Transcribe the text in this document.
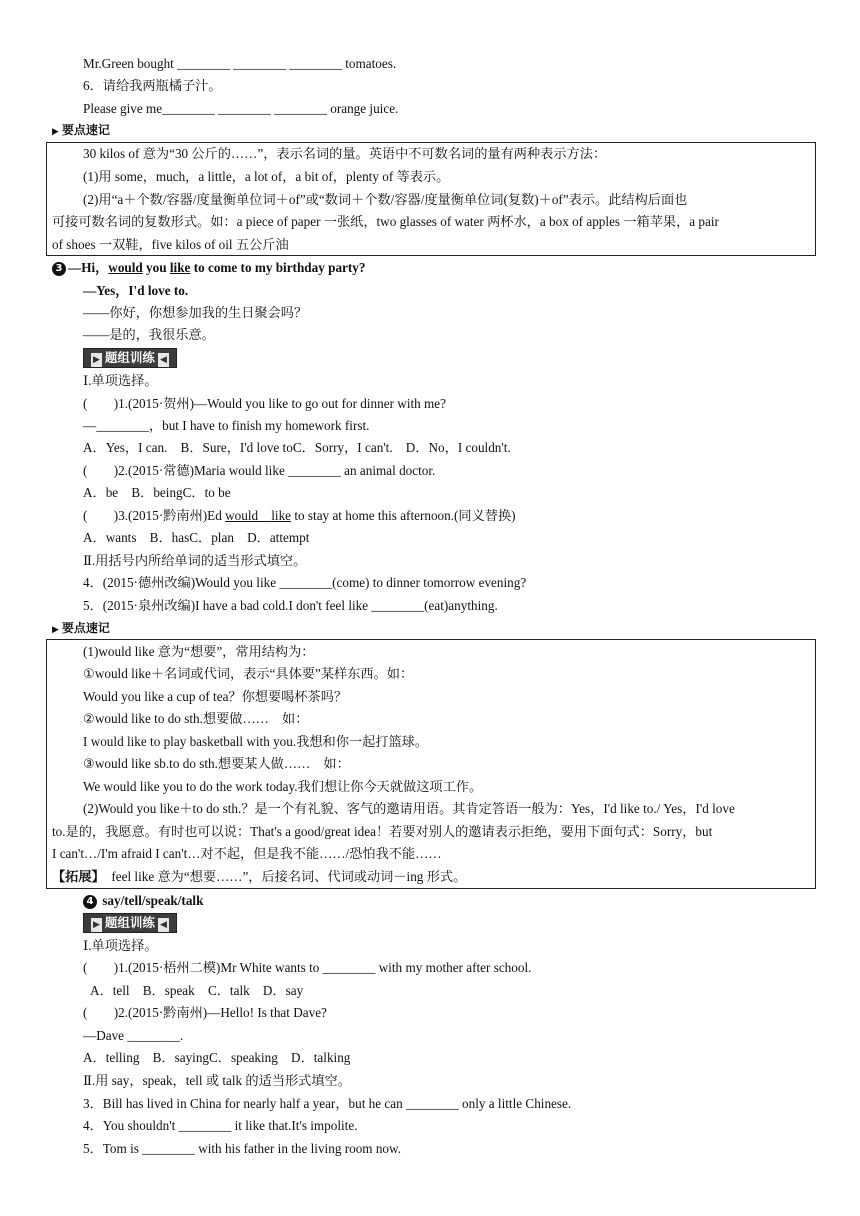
Mr.Green bought ________ ________ ________ tomatoes.
6．请给我两瓶橘子汁。
Please give me________ ________ ________ orange juice.
▶ 要点速记
30 kilos of 意为“30 公斤的……”，表示名词的量。英语中不可数名词的量有两种表示方法：
(1)用 some，much，a little，a lot of，a bit of，plenty of 等表示。
(2)用“a＋个数/容器/度量衡单位词＋of”或“数词＋个数/容器/度量衡单位词(复数)＋of”表示。此结构后面也
可接可数名词的复数形式。如：a piece of paper 一张纸，two glasses of water 两杯水，a box of apples 一箱苹果，a pair
of shoes 一双鞋，five kilos of oil 五公斤油
3 —Hi，would you like to come to my birthday party?
—Yes，I'd love to.
——你好，你想参加我的生日聚会吗？
——是的，我很乐意。
▶ 题组训练 ◀
Ⅰ.单项选择。
(　　)1.(2015·贺州)—Would you like to go out for dinner with me?
—________，but I have to finish my homework first.
A．Yes，I can.　B．Sure，I'd love toC．Sorry，I can't.　D．No，I couldn't.
(　　)2.(2015·常德)Maria would like ________ an animal doctor.
A．be　B．beingC．to be
(　　)3.(2015·黔南州)Ed would　 like to stay at home this afternoon.(同义替换)
A．wants　B．hasC．plan　D．attempt
Ⅱ.用括号内所给单词的适当形式填空。
4．(2015·德州改编)Would you like ________(come) to dinner tomorrow evening?
5．(2015·泉州改编)I have a bad cold.I don't feel like ________(eat)anything.
▶ 要点速记
(1)would like 意为“想要”，常用结构为：
①would like＋名词或代词，表示“具体要”某样东西。如：
Would you like a cup of tea？你想要喝杯茶吗？
②would like to do sth.想要做……　如：
I would like to play basketball with you.我想和你一起打篮球。
③would like sb.to do sth.想要某人做……　如：
We would like you to do the work today.我们想让你今天就做这项工作。
(2)Would you like＋to do sth.？是一个有礼貌、客气的邀请用语。其肯定答语一般为：Yes，I'd like to./ Yes，I'd love
to.是的，我愿意。有时也可以说：That's a good/great idea！若要对别人的邀请表示拒绝，要用下面句式：Sorry，but
I can't…/I'm afraid I can't…对不起，但是我不能……/恐怕我不能……
【拓展】　feel like 意为“想要……”，后接名词、代词或动词－ing 形式。
4 say/tell/speak/talk
▶ 题组训练 ◀
Ⅰ.单项选择。
(　　)1.(2015·梧州二模)Mr White wants to ________ with my mother after school.
A．tell　B．speak　C．talk　D．say
(　　)2.(2015·黔南州)—Hello! Is that Dave?
—Dave ________.
A．telling　B．sayingC．speaking　D．talking
Ⅱ.用 say，speak，tell 或 talk 的适当形式填空。
3．Bill has lived in China for nearly half a year，but he can ________ only a little Chinese.
4．You shouldn't ________ it like that.It's impolite.
5．Tom is ________ with his father in the living room now.
